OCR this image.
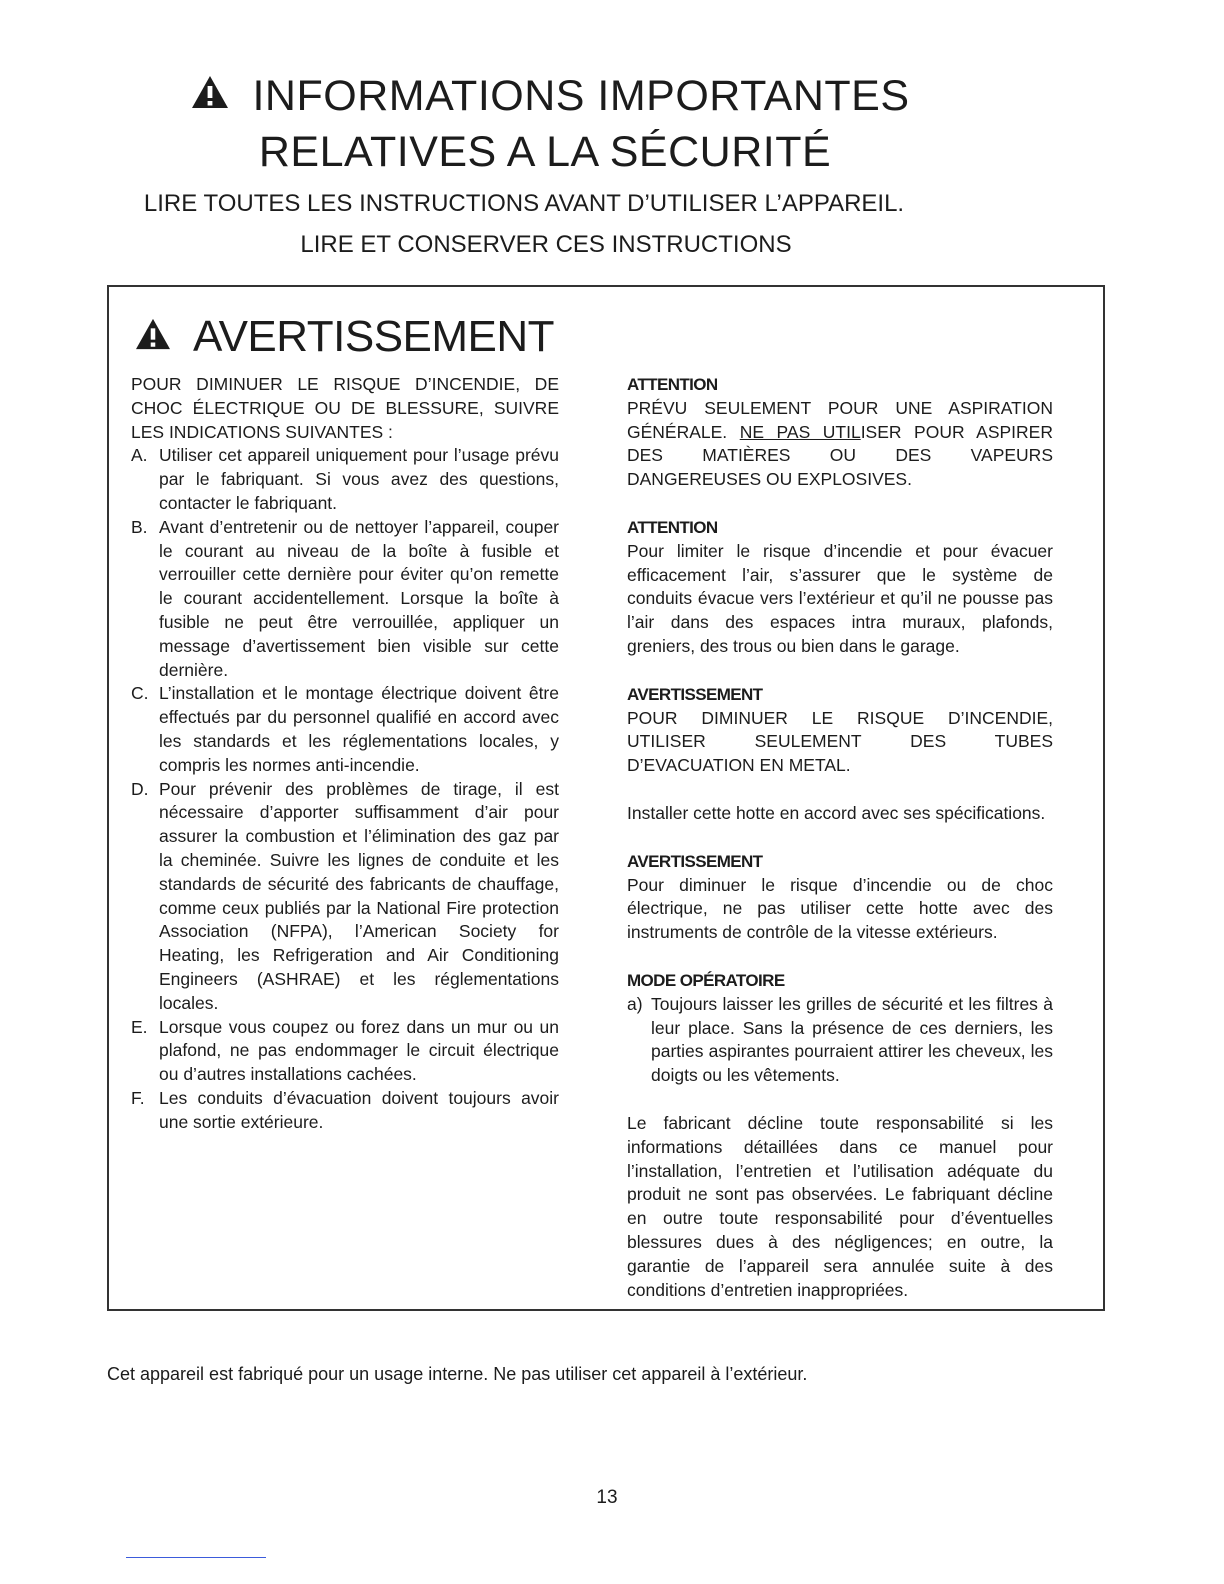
INFORMATIONS IMPORTANTES
RELATIVES A LA SÉCURITÉ
LIRE TOUTES LES INSTRUCTIONS AVANT D’UTILISER L’APPAREIL.
LIRE ET CONSERVER CES INSTRUCTIONS
AVERTISSEMENT

POUR DIMINUER LE RISQUE D’INCENDIE, DE CHOC ÉLECTRIQUE OU DE BLESSURE, SUIVRE LES INDICATIONS SUIVANTES :

A. Utiliser cet appareil uniquement pour l’usage prévu par le fabriquant. Si vous avez des questions, contacter le fabriquant.
B. Avant d’entretenir ou de nettoyer l’appareil, couper le courant au niveau de la boîte à fusible et verrouiller cette dernière pour éviter qu’on remette le courant accidentellement. Lorsque la boîte à fusible ne peut être verrouillée, appliquer un message d’avertissement bien visible sur cette dernière.
C. L’installation et le montage électrique doivent être effectués par du personnel qualifié en accord avec les standards et les réglementations locales, y compris les normes anti-incendie.
D. Pour prévenir des problèmes de tirage, il est nécessaire d’apporter suffisamment d’air pour assurer la combustion et l’élimination des gaz par la cheminée. Suivre les lignes de conduite et les standards de sécurité des fabricants de chauffage, comme ceux publiés par la National Fire protection Association (NFPA), l’American Society for Heating, les Refrigeration and Air Conditioning Engineers (ASHRAE) et les réglementations locales.
E. Lorsque vous coupez ou forez dans un mur ou un plafond, ne pas endommager le circuit électrique ou d’autres installations cachées.
F. Les conduits d’évacuation doivent toujours avoir une sortie extérieure.

ATTENTION

PRÉVU SEULEMENT POUR UNE ASPIRATION GÉNÉRALE. NE PAS UTILISER POUR ASPIRER DES MATIÈRES OU DES VAPEURS DANGEREUSES OU EXPLOSIVES.

ATTENTION

Pour limiter le risque d’incendie et pour évacuer efficacement l’air, s’assurer que le système de conduits évacue vers l’extérieur et qu’il ne pousse pas l’air dans des espaces intra muraux, plafonds, greniers, des trous ou bien dans le garage.

AVERTISSEMENT

POUR DIMINUER LE RISQUE D’INCENDIE, UTILISER SEULEMENT DES TUBES D’EVACUATION EN METAL.

Installer cette hotte en accord avec ses spécifications.

AVERTISSEMENT

Pour diminuer le risque d’incendie ou de choc électrique, ne pas utiliser cette hotte avec des instruments de contrôle de la vitesse extérieurs.

MODE OPÉRATOIRE

a) Toujours laisser les grilles de sécurité et les filtres à leur place. Sans la présence de ces derniers, les parties aspirantes pourraient attirer les cheveux, les doigts ou les vêtements.

Le fabricant décline toute responsabilité si les informations détaillées dans ce manuel pour l’installation, l’entretien et l’utilisation adéquate du produit ne sont pas observées. Le fabriquant décline en outre toute responsabilité pour d’éventuelles blessures dues à des négligences; en outre, la garantie de l’appareil sera annulée suite à des conditions d’entretien inappropriées.

Cet appareil est fabriqué pour un usage interne. Ne pas utiliser cet appareil à l’extérieur.
13
